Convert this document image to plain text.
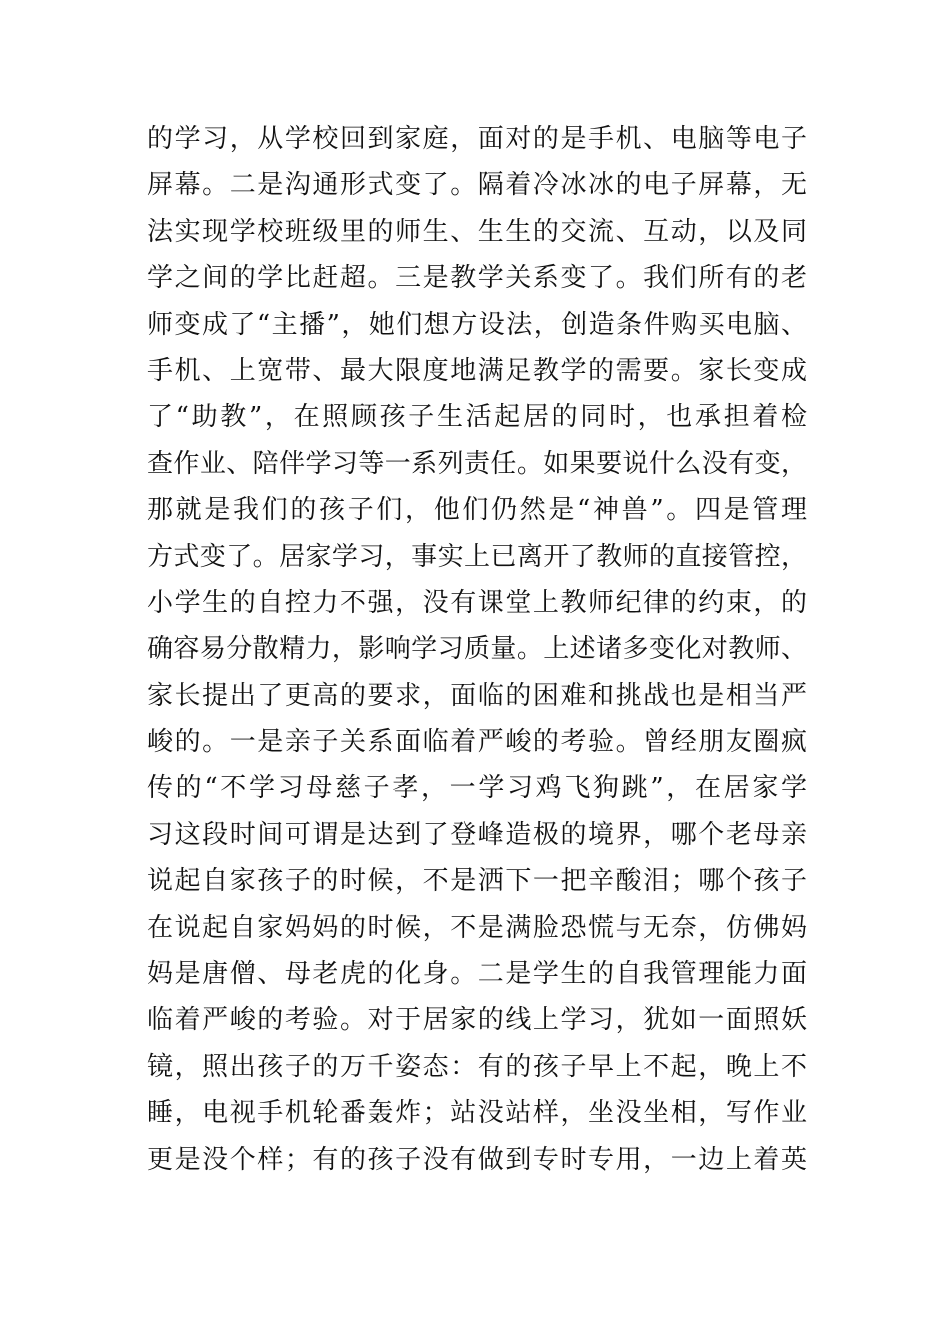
的学习，从学校回到家庭，面对的是手机、电脑等电子
屏幕。二是沟通形式变了。隔着冷冰冰的电子屏幕，无
法实现学校班级里的师生、生生的交流、互动，以及同
学之间的学比赶超。三是教学关系变了。我们所有的老
师变成了“主播”，她们想方设法，创造条件购买电脑、
手机、上宽带、最大限度地满足教学的需要。家长变成
了“助教”，在照顾孩子生活起居的同时，也承担着检
查作业、陪伴学习等一系列责任。如果要说什么没有变，
那就是我们的孩子们，他们仍然是“神兽”。四是管理
方式变了。居家学习，事实上已离开了教师的直接管控，
小学生的自控力不强，没有课堂上教师纪律的约束，的
确容易分散精力，影响学习质量。上述诸多变化对教师、
家长提出了更高的要求，面临的困难和挑战也是相当严
峻的。一是亲子关系面临着严峻的考验。曾经朋友圈疯
传的“不学习母慈子孝，一学习鸡飞狗跳”，在居家学
习这段时间可谓是达到了登峰造极的境界，哪个老母亲
说起自家孩子的时候，不是洒下一把辛酸泪；哪个孩子
在说起自家妈妈的时候，不是满脸恐慌与无奈，仿佛妈
妈是唐僧、母老虎的化身。二是学生的自我管理能力面
临着严峻的考验。对于居家的线上学习，犹如一面照妖
镜，照出孩子的万千姿态：有的孩子早上不起，晚上不
睡，电视手机轮番轰炸；站没站样，坐没坐相，写作业
更是没个样；有的孩子没有做到专时专用，一边上着英
